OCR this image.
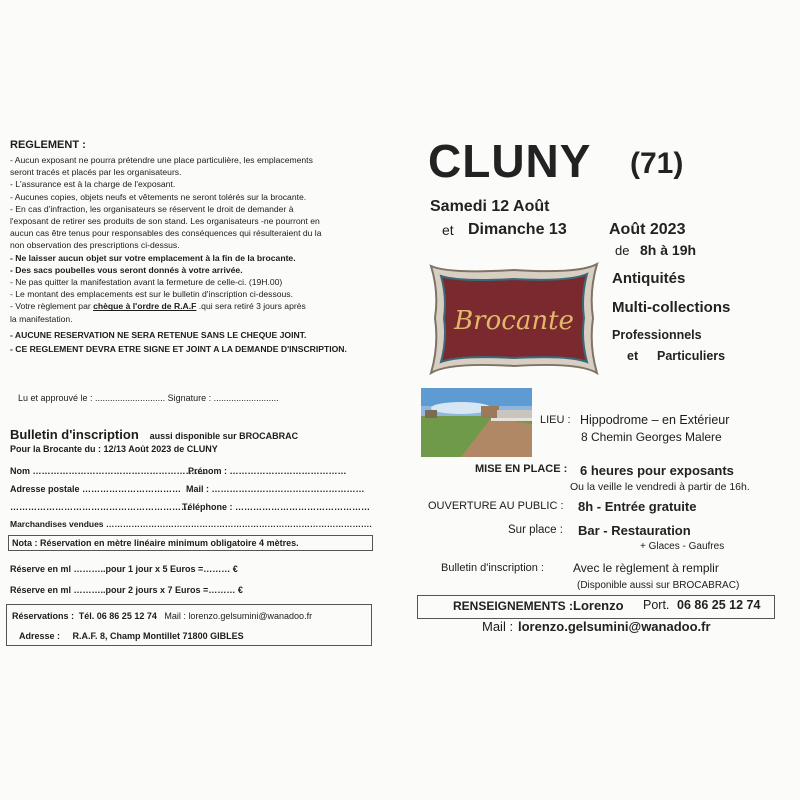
REGLEMENT :
- Aucun exposant ne pourra prétendre une place particulière, les emplacements
seront tracés et placés par les organisateurs.
- L'assurance est à la charge de l'exposant.
- Aucunes copies, objets neufs et vêtements ne seront tolérés sur la brocante.
- En cas d'infraction, les organisateurs se réservent le droit de demander à
l'exposant de retirer ses produits de son stand. Les organisateurs -ne pourront en
aucun cas être tenus pour responsables des conséquences qui résulteraient du la
non observation des prescriptions ci-dessus.
- Ne laisser aucun objet sur votre emplacement à la fin de la brocante.
- Des sacs poubelles vous seront donnés à votre arrivée.
- Ne pas quitter la manifestation avant la fermeture de celle-ci. (19H.00)
- Le montant des emplacements est sur le bulletin d'inscription ci-dessous.
- Votre règlement par chèque à l'ordre de R.A.F .qui sera retiré 3 jours après
la manifestation.
- AUCUNE RESERVATION NE SERA RETENUE SANS LE CHEQUE JOINT.
- CE REGLEMENT DEVRA ETRE SIGNE ET JOINT A LA DEMANDE D'INSCRIPTION.
Lu et approuvé le : ............................ Signature : ..........................
Bulletin d'inscription aussi disponible sur BROCABRAC
Pour la Brocante du : 12/13 Août 2023 de CLUNY
Nom ………………………………………………….
Prénom : …………………………………
Adresse postale …………………………… Mail : ……………………………………………
……………………………………………………
Téléphone : ………………………………………
Marchandises vendues ………………………………………………………………………………….
Nota : Réservation en mètre linéaire minimum obligatoire 4 mètres.
Réserve en ml ………..pour 1 jour x 5 Euros =……… €
Réserve en ml ………..pour 2 jours x 7 Euros =……… €
Réservations : Tél. 06 86 25 12 74 Mail : lorenzo.gelsumini@wanadoo.fr
Adresse : R.A.F. 8, Champ Montillet 71800 GIBLES
CLUNY (71)
Samedi 12 Août
et Dimanche 13	Août 2023
de 8h à 19h
Brocante
Antiquités
Multi-collections
Professionnels
et Particuliers
LIEU : Hippodrome – en Extérieur
8 Chemin Georges Malere
MISE EN PLACE : 6 heures pour exposants
Ou la veille le vendredi à partir de 16h.
OUVERTURE AU PUBLIC : 8h - Entrée gratuite
Sur place : Bar - Restauration
+ Glaces - Gaufres
Bulletin d'inscription : Avec le règlement à remplir
(Disponible aussi sur BROCABRAC)
RENSEIGNEMENTS : Lorenzo Port. 06 86 25 12 74
Mail : lorenzo.gelsumini@wanadoo.fr
